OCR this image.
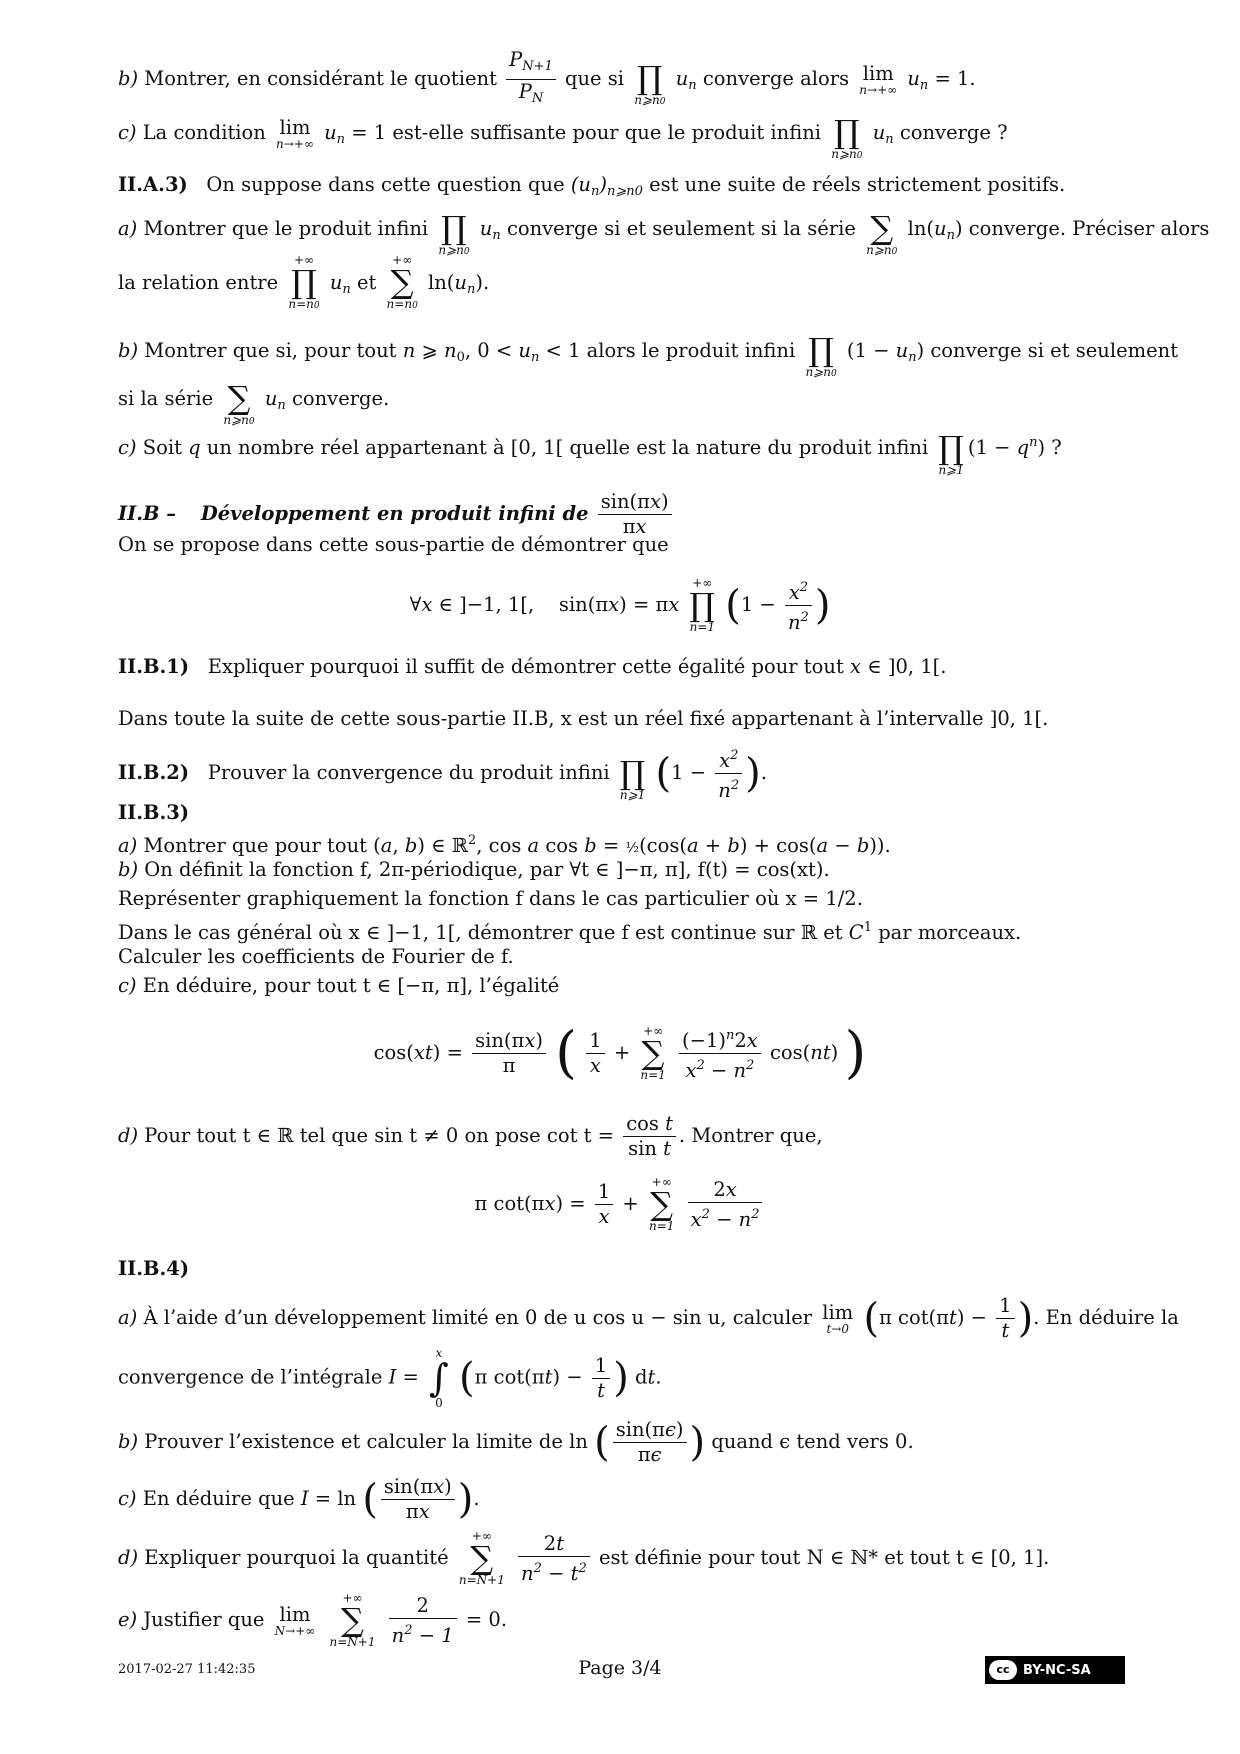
b) Montrer, en considérant le quotient $\frac{P_{N+1}}{P_N}$ que si
∏
n⩾n0
$u_n$ converge alors lim
n→+∞ $u_n = 1$.
c) La condition lim
n→+∞ $u_n = 1$ est-elle suffisante pour que le produit infini
∏
n⩾n0
$u_n$ converge ?
II.A.3) On suppose dans cette question que $(u_n)_{n⩾n0}$ est une suite de réels strictement positifs.
a) Montrer que le produit infini
∏
n⩾n0
$u_n$ converge si et seulement si la série
∑
n⩾n0
$\ln(u_n)$ converge. Préciser alors
la relation entre
+∞
∏
n=n0
$u_n$ et
+∞
∑
n=n0
$\ln(u_n)$.
b) Montrer que si, pour tout n ⩾ $n_0$, $0 < u_n < 1$ alors le produit infini
∏
n⩾n0
$(1 - u_n)$ converge si et seulement
si la série
∑
n⩾n0
$u_n$ converge.
c) Soit q un nombre réel appartenant à [0, 1[ quelle est la nature du produit infini
∏
n⩾1
$(1 - q^n)$ ?
II.B – Développement en produit infini de $\frac{\sin(\pi x)}{\pi x}$
On se propose dans cette sous-partie de démontrer que
∀x ∈ ]−1, 1[,    sin(πx) = πx
+∞
∏
n=1 ($1 - \frac{x^2}{n^2}$ )
II.B.1) Expliquer pourquoi il suffit de démontrer cette égalité pour tout x ∈ ]0, 1[.
Dans toute la suite de cette sous-partie II.B, x est un réel fixé appartenant à l’intervalle ]0, 1[.
II.B.2) Prouver la convergence du produit infini
∏
n⩾1 ($1 - \frac{x^2}{n^2}$ ).
II.B.3)
a) Montrer que pour tout (a, b) ∈ ℝ$^2$, cos a cos b = ½(cos(a + b) + cos(a − b)).
b) On définit la fonction f, 2π-périodique, par ∀t ∈ ]−π, π], f(t) = cos(xt).
Représenter graphiquement la fonction f dans le cas particulier où x = 1/2.
Dans le cas général où x ∈ ]−1, 1[, démontrer que f est continue sur ℝ et $C^1$ par morceaux.
Calculer les coefficients de Fourier de f.
c) En déduire, pour tout t ∈ [−π, π], l’égalité
$\cos(xt) = \frac{\sin(\pi x)}{\pi}$ ( $\frac{1}{x}$ +
+∞
∑
n=1
$\frac{(-1)^n2x}{x^2 - n^2} \cos(nt)$ )
d) Pour tout t ∈ ℝ tel que sin t ≠ 0 on pose $\cot t = \frac{\text{cos t}}{\text{sin t}}$ . Montrer que,
π $\cot(\pi x) = \frac{1}{x}$ +
+∞
∑
n=1
$\frac{2x}{x^2 - n^2}$
II.B.4)
a) À l’aide d’un développement limité en 0 de u cos u − sin u, calculer lim
t→0 (π $\cot(\pi t) - \frac{1}{t}$ ). En déduire la
convergence de l’intégrale I =
x
∫
0
(π $\cot(\pi t) - \frac{1}{t}$ ) dt.
b) Prouver l’existence et calculer la limite de ln ( $\frac{\sin(\pi\epsilon)}{\pi\epsilon}$ ) quand ϵ tend vers 0.
c) En déduire que I = ln ( $\frac{\sin(\pi x)}{\pi x}$ ).
d) Expliquer pourquoi la quantité
+∞
∑
n=N+1
$\frac{2t}{n^2 - t^2}$ est définie pour tout N ∈ ℕ* et tout t ∈ [0, 1].
e) Justifier que lim
N→+∞

+∞
∑
n=N+1
$\frac{2}{n^2 - 1} = 0$.
2017-02-27 11:42:35	Page 3/4	cc	BY-NC-SA
